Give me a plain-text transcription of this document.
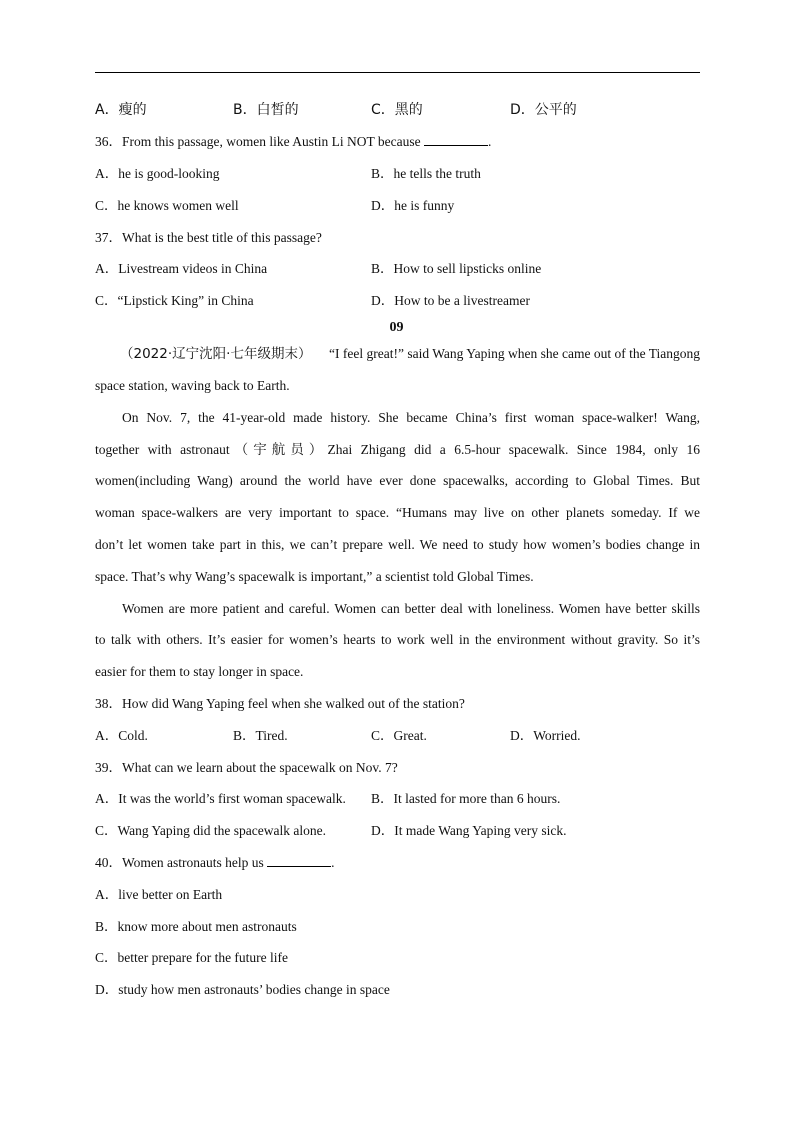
A．瘦的	B．白皙的	C．黑的	D．公平的
36．From this passage, women like Austin Li NOT because	.
A．he is good-looking	B．he tells the truth
C．he knows women well	D．he is funny
37．What is the best title of this passage?
A．Livestream videos in China	B．How to sell lipsticks online
C．“Lipstick King” in China	D．How to be a livestreamer
09
（2022·辽宁沈阳·七年级期末） “I feel great!” said Wang Yaping when she came out of the Tiangong
space station, waving back to Earth.
On Nov. 7, the 41-year-old made history. She became China’s first woman space-walker! Wang,
together with astronaut（宇航员）Zhai Zhigang did a 6.5-hour spacewalk. Since 1984, only 16
women(including Wang) around the world have ever done spacewalks, according to Global Times. But
woman space-walkers are very important to space. “Humans may live on other planets someday. If we
don’t let women take part in this, we can’t prepare well. We need to study how women’s bodies change in
space. That’s why Wang’s spacewalk is important,” a scientist told Global Times.
Women are more patient and careful. Women can better deal with loneliness. Women have better skills
to talk with others. It’s easier for women’s hearts to work well in the environment without gravity. So it’s
easier for them to stay longer in space.
38．How did Wang Yaping feel when she walked out of the station?
A．Cold.	B．Tired.	C．Great.	D．Worried.
39．What can we learn about the spacewalk on Nov. 7?
A．It was the world’s first woman spacewalk. B．It lasted for more than 6 hours.
C．Wang Yaping did the spacewalk alone.	D．It made Wang Yaping very sick.
40．Women astronauts help us	.
A．live better on Earth
B．know more about men astronauts
C．better prepare for the future life
D．study how men astronauts’ bodies change in space
